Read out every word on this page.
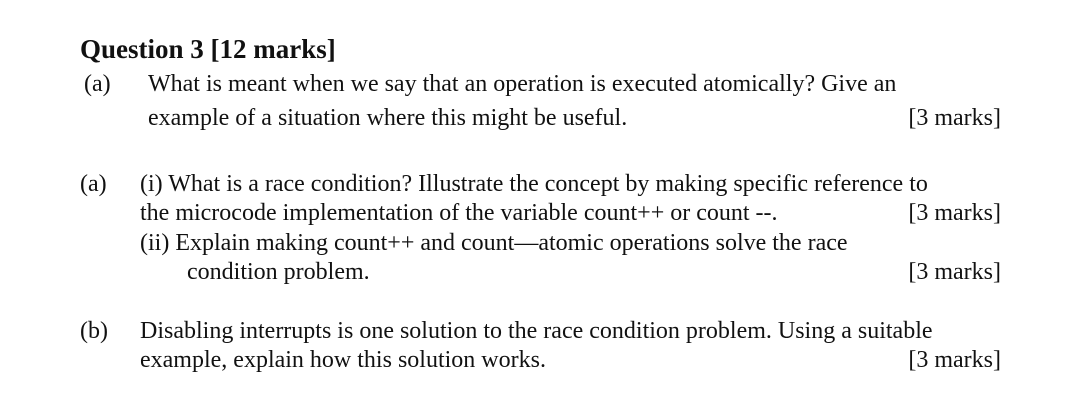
Question 3 [12 marks]
(a) What is meant when we say that an operation is executed atomically? Give an
example of a situation where this might be useful.	[3 marks]
(a) (i) What is a race condition? Illustrate the concept by making specific reference to
the microcode implementation of the variable count++ or count --.	[3 marks]
(ii) Explain making count++ and count—atomic operations solve the race
condition problem.	[3 marks]
(b) Disabling interrupts is one solution to the race condition problem. Using a suitable
example, explain how this solution works.	[3 marks]
